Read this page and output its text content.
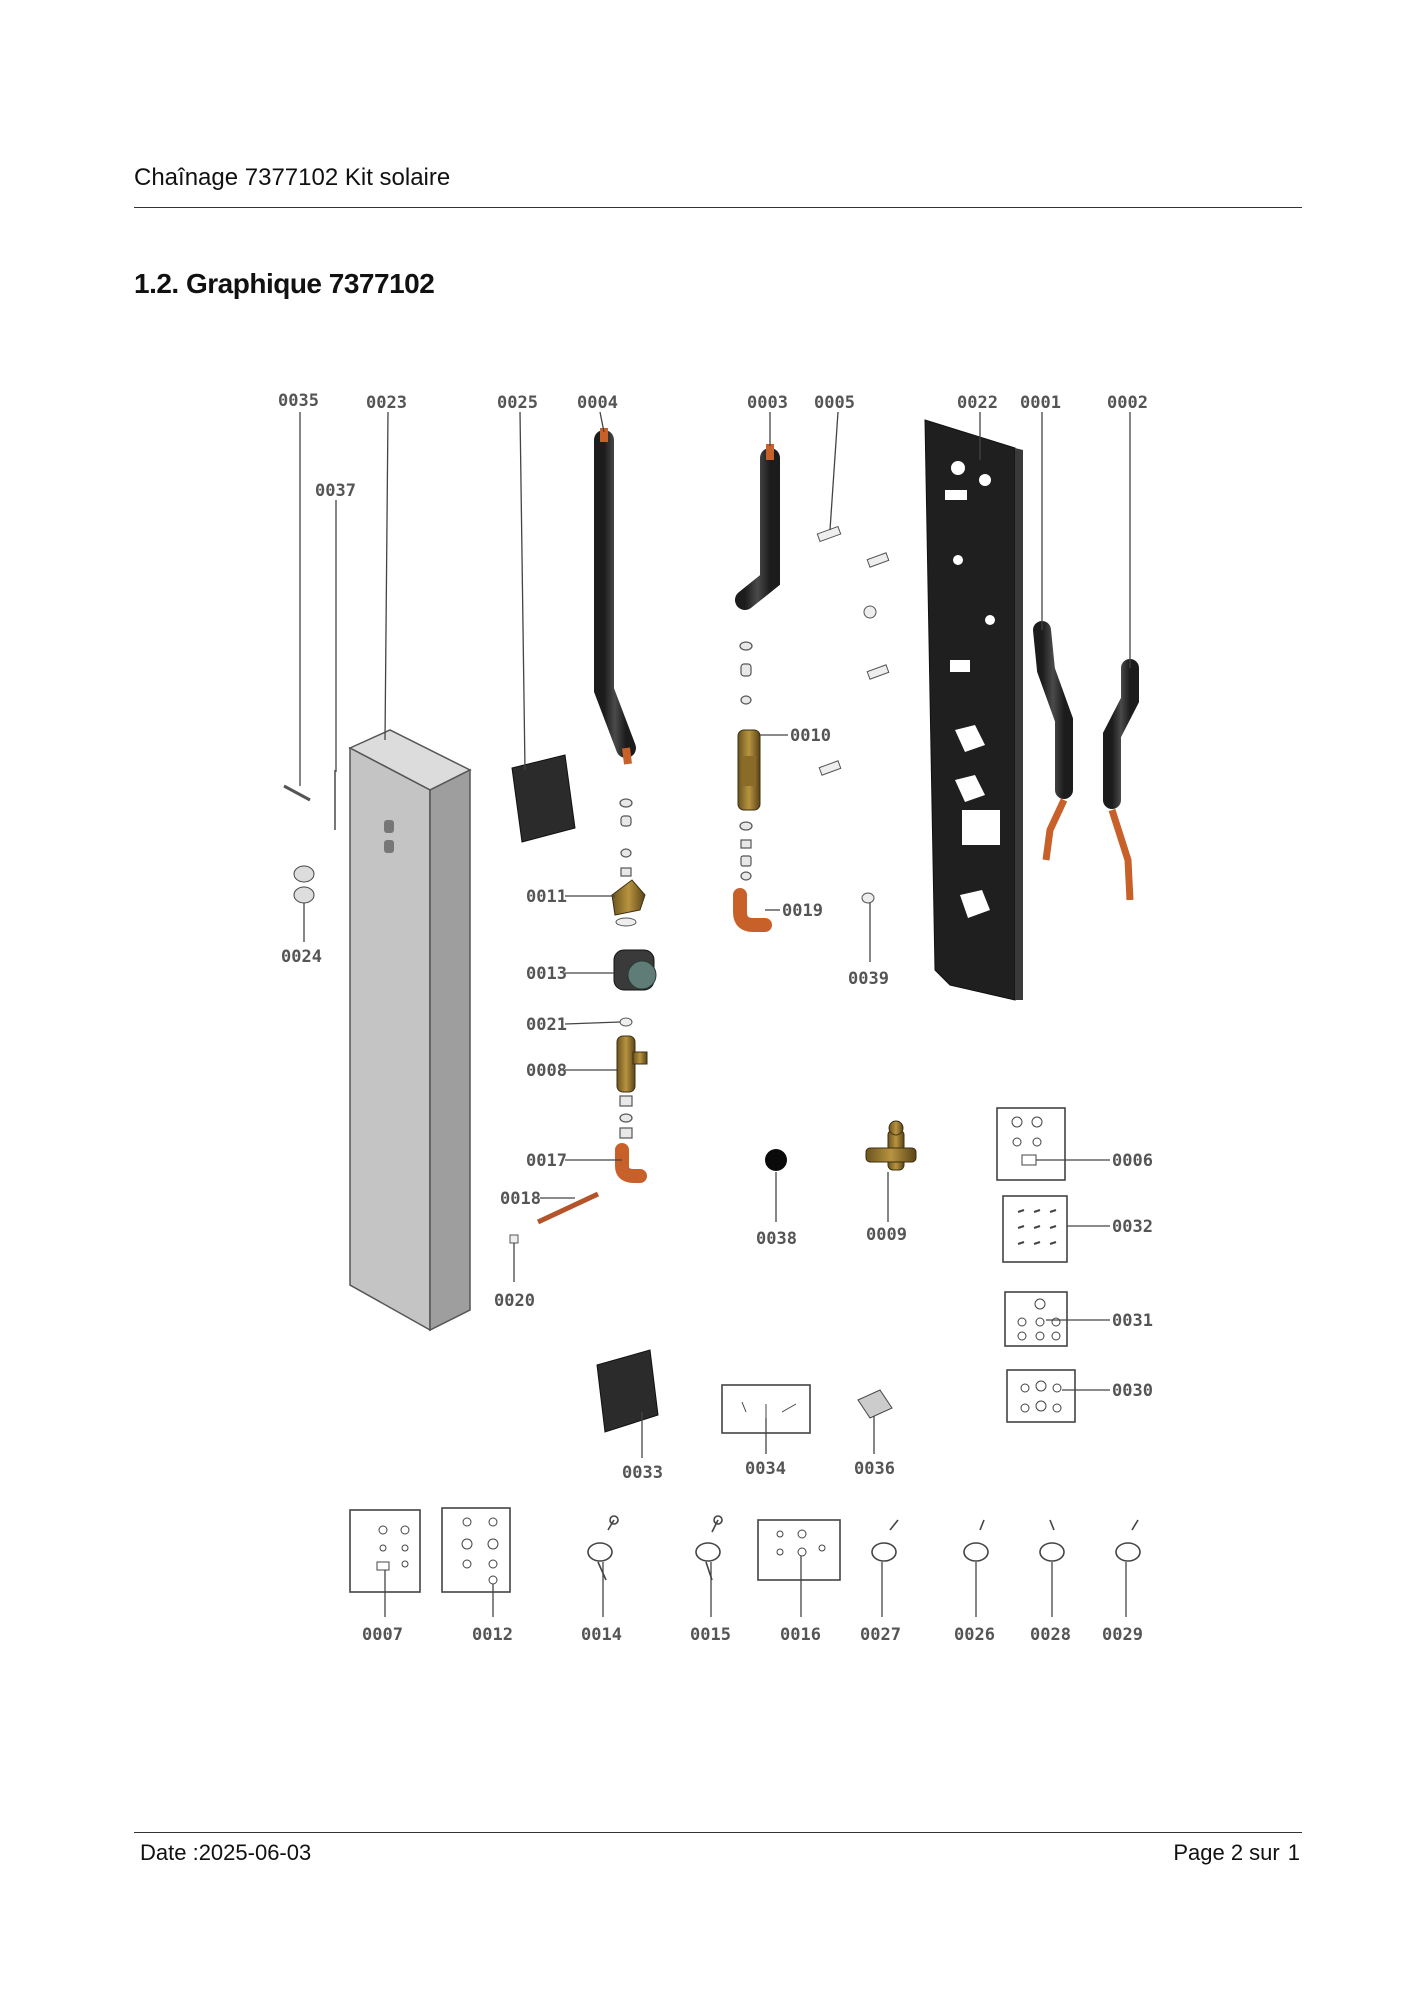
Chaînage 7377102 Kit solaire
1.2. Graphique 7377102
0035	0023	0025 0004	0003 0005	0022 0001	0002
0037
0024
0010
0011
0019
0013	0039
0021
0008
0017
0018
0020
0038	0009
0006
0032
0031
0030
0033	0034	0036
0007	0012	0014	0015	0016 0027	0026 0028 0029
Date :2025-06-03	Page 2 sur 1
